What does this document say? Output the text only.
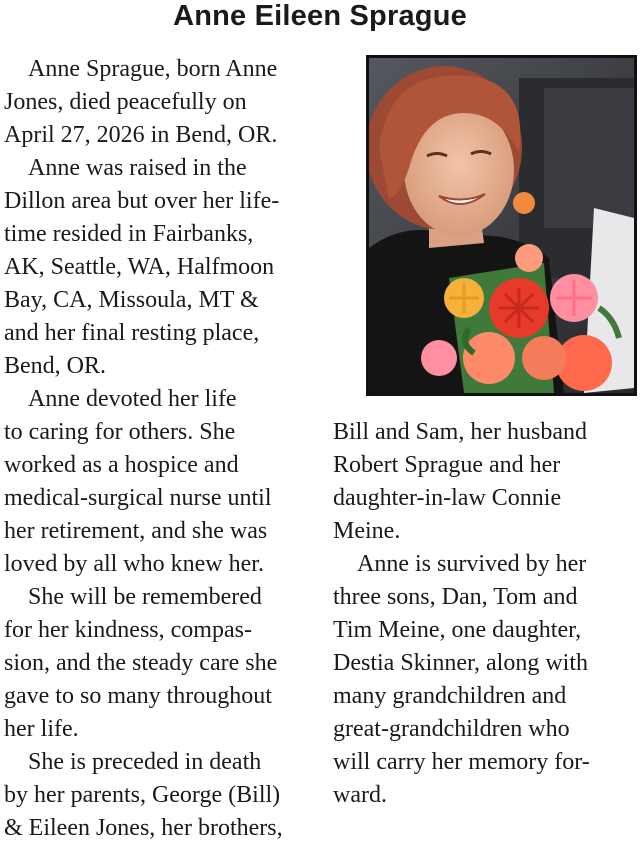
Anne Eileen Sprague
 Anne Sprague, born Anne
Jones, died peacefully on
April 27, 2026 in Bend, OR.
 Anne was raised in the
Dillon area but over her life-
time resided in Fairbanks,
AK, Seattle, WA, Halfmoon
Bay, CA, Missoula, MT &
and her final resting place,
Bend, OR.
 Anne devoted her life
to caring for others. She
worked as a hospice and
medical-surgical nurse until
her retirement, and she was
loved by all who knew her.
 She will be remembered
for her kindness, compas-
sion, and the steady care she
gave to so many throughout
her life.
 She is preceded in death
by her parents, George (Bill)
& Eileen Jones, her brothers,
Bill and Sam, her husband
Robert Sprague and her
daughter-in-law Connie
Meine.
 Anne is survived by her
three sons, Dan, Tom and
Tim Meine, one daughter,
Destia Skinner, along with
many grandchildren and
great-grandchildren who
will carry her memory for-
ward.
